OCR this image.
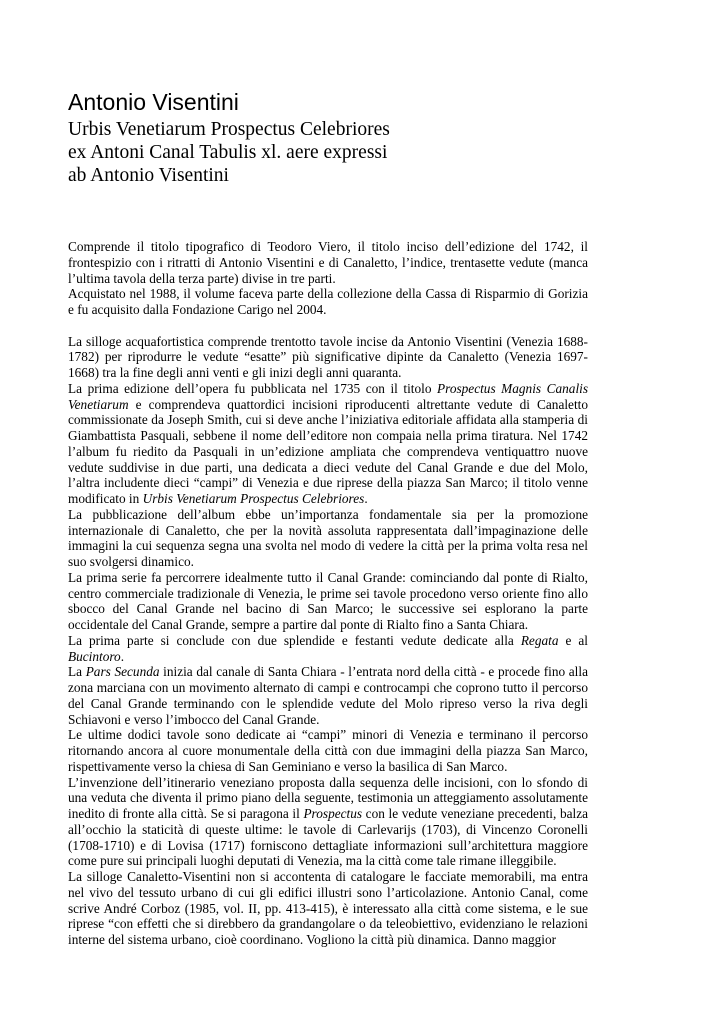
Antonio Visentini
Urbis Venetiarum Prospectus Celebriores
ex Antoni Canal Tabulis xl. aere expressi
ab Antonio Visentini

Comprende il titolo tipografico di Teodoro Viero, il titolo inciso dell’edizione del 1742, il frontespizio con i ritratti di Antonio Visentini e di Canaletto, l’indice, trentasette vedute (manca l’ultima tavola della terza parte) divise in tre parti.

Acquistato nel 1988, il volume faceva parte della collezione della Cassa di Risparmio di Gorizia e fu acquisito dalla Fondazione Carigo nel 2004.

La silloge acquafortistica comprende trentotto tavole incise da Antonio Visentini (Venezia 1688-1782) per riprodurre le vedute “esatte” più significative dipinte da Canaletto (Venezia 1697-1668) tra la fine degli anni venti e gli inizi degli anni quaranta.

La prima edizione dell’opera fu pubblicata nel 1735 con il titolo Prospectus Magnis Canalis Venetiarum e comprendeva quattordici incisioni riproducenti altrettante vedute di Canaletto commissionate da Joseph Smith, cui si deve anche l’iniziativa editoriale affidata alla stamperia di Giambattista Pasquali, sebbene il nome dell’editore non compaia nella prima tiratura. Nel 1742 l’album fu riedito da Pasquali in un’edizione ampliata che comprendeva ventiquattro nuove vedute suddivise in due parti, una dedicata a dieci vedute del Canal Grande e due del Molo, l’altra includente dieci “campi” di Venezia e due riprese della piazza San Marco; il titolo venne modificato in Urbis Venetiarum Prospectus Celebriores.

La pubblicazione dell’album ebbe un’importanza fondamentale sia per la promozione internazionale di Canaletto, che per la novità assoluta rappresentata dall’impaginazione delle immagini la cui sequenza segna una svolta nel modo di vedere la città per la prima volta resa nel suo svolgersi dinamico.

La prima serie fa percorrere idealmente tutto il Canal Grande: cominciando dal ponte di Rialto, centro commerciale tradizionale di Venezia, le prime sei tavole procedono verso oriente fino allo sbocco del Canal Grande nel bacino di San Marco; le successive sei esplorano la parte occidentale del Canal Grande, sempre a partire dal ponte di Rialto fino a Santa Chiara.

La prima parte si conclude con due splendide e festanti vedute dedicate alla Regata e al Bucintoro.

La Pars Secunda inizia dal canale di Santa Chiara - l’entrata nord della città - e procede fino alla zona marciana con un movimento alternato di campi e controcampi che coprono tutto il percorso del Canal Grande terminando con le splendide vedute del Molo ripreso verso la riva degli Schiavoni e verso l’imbocco del Canal Grande.

Le ultime dodici tavole sono dedicate ai “campi” minori di Venezia e terminano il percorso ritornando ancora al cuore monumentale della città con due immagini della piazza San Marco, rispettivamente verso la chiesa di San Geminiano e verso la basilica di San Marco.

L’invenzione dell’itinerario veneziano proposta dalla sequenza delle incisioni, con lo sfondo di una veduta che diventa il primo piano della seguente, testimonia un atteggiamento assolutamente inedito di fronte alla città. Se si paragona il Prospectus con le vedute veneziane precedenti, balza all’occhio la staticità di queste ultime: le tavole di Carlevarijs (1703), di Vincenzo Coronelli (1708-1710) e di Lovisa (1717) forniscono dettagliate informazioni sull’architettura maggiore come pure sui principali luoghi deputati di Venezia, ma la città come tale rimane illeggibile.

La silloge Canaletto-Visentini non si accontenta di catalogare le facciate memorabili, ma entra nel vivo del tessuto urbano di cui gli edifici illustri sono l’articolazione. Antonio Canal, come scrive André Corboz (1985, vol. II, pp. 413-415), è interessato alla città come sistema, e le sue riprese “con effetti che si direbbero da grandangolare o da teleobiettivo, evidenziano le relazioni interne del sistema urbano, cioè coordinano. Vogliono la città più dinamica. Danno maggior
